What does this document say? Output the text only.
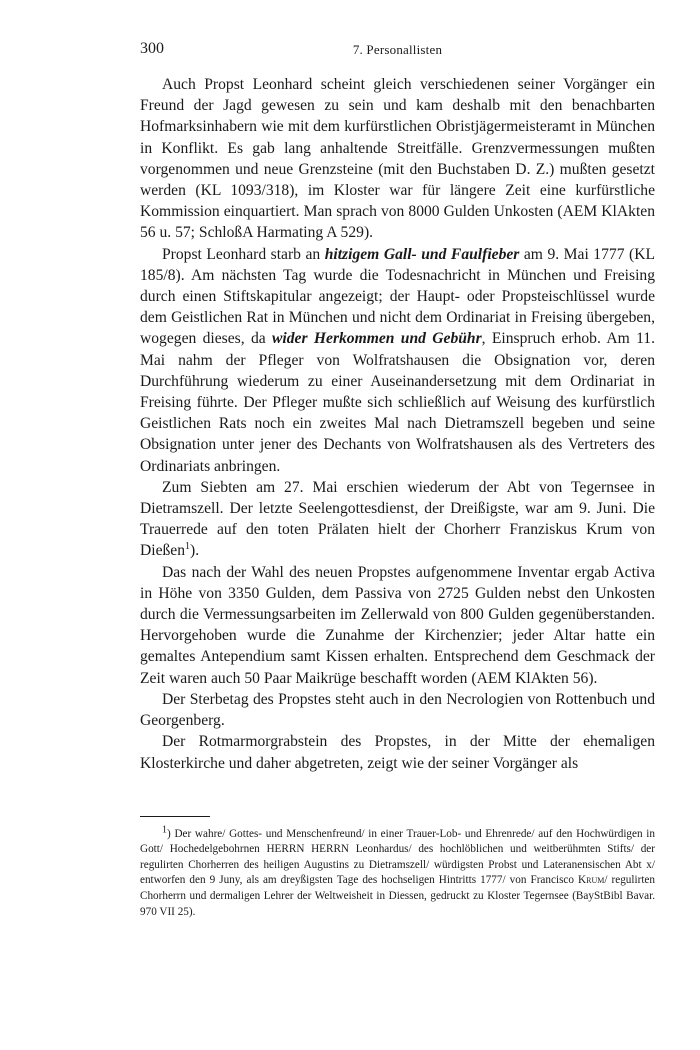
300	7. Personallisten

Auch Propst Leonhard scheint gleich verschiedenen seiner Vorgänger ein Freund der Jagd gewesen zu sein und kam deshalb mit den benachbarten Hofmarksinhabern wie mit dem kurfürstlichen Obristjägermeisteramt in München in Konflikt. Es gab lang anhaltende Streitfälle. Grenzvermessungen mußten vorgenommen und neue Grenzsteine (mit den Buchstaben D. Z.) mußten gesetzt werden (KL 1093/318), im Kloster war für längere Zeit eine kurfürstliche Kommission einquartiert. Man sprach von 8000 Gulden Unkosten (AEM KlAkten 56 u. 57; SchloßA Harmating A 529).

Propst Leonhard starb an hitzigem Gall- und Faulfieber am 9. Mai 1777 (KL 185/8). Am nächsten Tag wurde die Todesnachricht in München und Freising durch einen Stiftskapitular angezeigt; der Haupt- oder Propsteischlüssel wurde dem Geistlichen Rat in München und nicht dem Ordinariat in Freising übergeben, wogegen dieses, da wider Herkommen und Gebühr, Einspruch erhob. Am 11. Mai nahm der Pfleger von Wolfratshausen die Obsignation vor, deren Durchführung wiederum zu einer Auseinandersetzung mit dem Ordinariat in Freising führte. Der Pfleger mußte sich schließlich auf Weisung des kurfürstlich Geistlichen Rats noch ein zweites Mal nach Dietramszell begeben und seine Obsignation unter jener des Dechants von Wolfratshausen als des Vertreters des Ordinariats anbringen.

Zum Siebten am 27. Mai erschien wiederum der Abt von Tegernsee in Dietramszell. Der letzte Seelengottesdienst, der Dreißigste, war am 9. Juni. Die Trauerrede auf den toten Prälaten hielt der Chorherr Franziskus Krum von Dießen$^1$).

Das nach der Wahl des neuen Propstes aufgenommene Inventar ergab Activa in Höhe von 3350 Gulden, dem Passiva von 2725 Gulden nebst den Unkosten durch die Vermessungsarbeiten im Zellerwald von 800 Gulden gegenüberstanden. Hervorgehoben wurde die Zunahme der Kirchenzier; jeder Altar hatte ein gemaltes Antependium samt Kissen erhalten. Entsprechend dem Geschmack der Zeit waren auch 50 Paar Maikrüge beschafft worden (AEM KlAkten 56).

Der Sterbetag des Propstes steht auch in den Necrologien von Rottenbuch und Georgenberg.

Der Rotmarmorgrabstein des Propstes, in der Mitte der ehemaligen Klosterkirche und daher abgetreten, zeigt wie der seiner Vorgänger als

$^1$) Der wahre/ Gottes- und Menschenfreund/ in einer Trauer-Lob- und Ehrenrede/ auf den Hochwürdigen in Gott/ Hochedelgebohrnen HERRN HERRN Leonhardus/ des hochlöblichen und weitberühmten Stifts/ der regulirten Chorherren des heiligen Augustins zu Dietramszell/ würdigsten Probst und Lateranensischen Abt x/ entworfen den 9 Juny, als am dreyßigsten Tage des hochseligen Hintritts 1777/ von Francisco Krum/ regulirten Chorherrn und dermaligen Lehrer der Weltweisheit in Diessen, gedruckt zu Kloster Tegernsee (BayStBibl Bavar. 970 VII 25).
